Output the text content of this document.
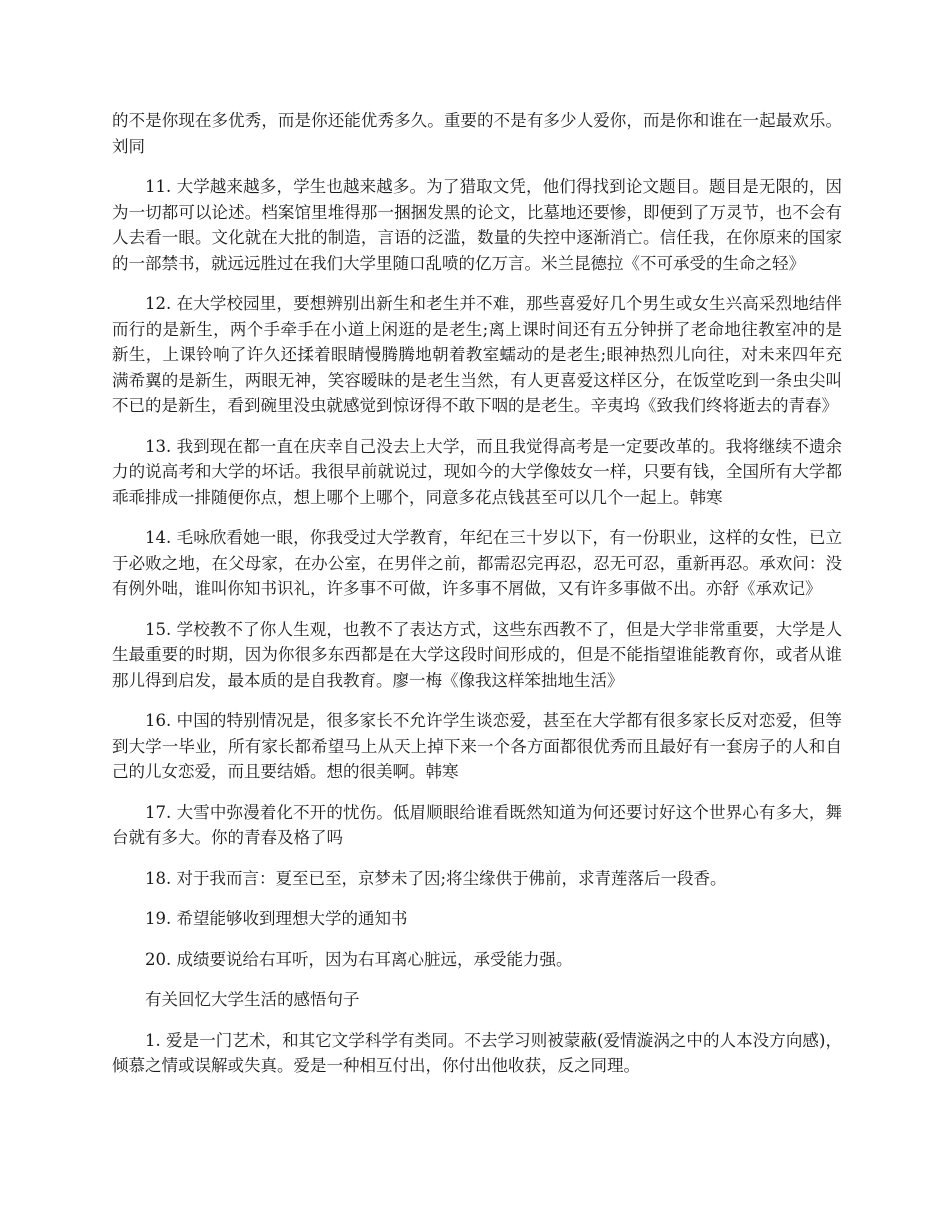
的不是你现在多优秀，而是你还能优秀多久。重要的不是有多少人爱你，而是你和谁在一起最欢乐。刘同

11. 大学越来越多，学生也越来越多。为了猎取文凭，他们得找到论文题目。题目是无限的，因为一切都可以论述。档案馆里堆得那一捆捆发黑的论文，比墓地还要惨，即便到了万灵节，也不会有人去看一眼。文化就在大批的制造，言语的泛滥，数量的失控中逐渐消亡。信任我，在你原来的国家的一部禁书，就远远胜过在我们大学里随口乱喷的亿万言。米兰昆德拉《不可承受的生命之轻》

12. 在大学校园里，要想辨别出新生和老生并不难，那些喜爱好几个男生或女生兴高采烈地结伴而行的是新生，两个手牵手在小道上闲逛的是老生;离上课时间还有五分钟拼了老命地往教室冲的是新生，上课铃响了许久还揉着眼睛慢腾腾地朝着教室蠕动的是老生;眼神热烈儿向往，对未来四年充满希翼的是新生，两眼无神，笑容暧昧的是老生当然，有人更喜爱这样区分，在饭堂吃到一条虫尖叫不已的是新生，看到碗里没虫就感觉到惊讶得不敢下咽的是老生。辛夷坞《致我们终将逝去的青春》

13. 我到现在都一直在庆幸自己没去上大学，而且我觉得高考是一定要改革的。我将继续不遗余力的说高考和大学的坏话。我很早前就说过，现如今的大学像妓女一样，只要有钱，全国所有大学都乖乖排成一排随便你点，想上哪个上哪个，同意多花点钱甚至可以几个一起上。韩寒

14. 毛咏欣看她一眼，你我受过大学教育，年纪在三十岁以下，有一份职业，这样的女性，已立于必败之地，在父母家，在办公室，在男伴之前，都需忍完再忍，忍无可忍，重新再忍。承欢问：没有例外咄，谁叫你知书识礼，许多事不可做，许多事不屑做，又有许多事做不出。亦舒《承欢记》

15. 学校教不了你人生观，也教不了表达方式，这些东西教不了，但是大学非常重要，大学是人生最重要的时期，因为你很多东西都是在大学这段时间形成的，但是不能指望谁能教育你，或者从谁那儿得到启发，最本质的是自我教育。廖一梅《像我这样笨拙地生活》

16. 中国的特别情况是，很多家长不允许学生谈恋爱，甚至在大学都有很多家长反对恋爱，但等到大学一毕业，所有家长都希望马上从天上掉下来一个各方面都很优秀而且最好有一套房子的人和自己的儿女恋爱，而且要结婚。想的很美啊。韩寒

17. 大雪中弥漫着化不开的忧伤。低眉顺眼给谁看既然知道为何还要讨好这个世界心有多大，舞台就有多大。你的青春及格了吗

18. 对于我而言：夏至已至，京梦未了因;将尘缘供于佛前，求青莲落后一段香。

19. 希望能够收到理想大学的通知书

20. 成绩要说给右耳听，因为右耳离心脏远，承受能力强。

有关回忆大学生活的感悟句子

1. 爱是一门艺术，和其它文学科学有类同。不去学习则被蒙蔽(爱情漩涡之中的人本没方向感)，倾慕之情或误解或失真。爱是一种相互付出，你付出他收获，反之同理。
